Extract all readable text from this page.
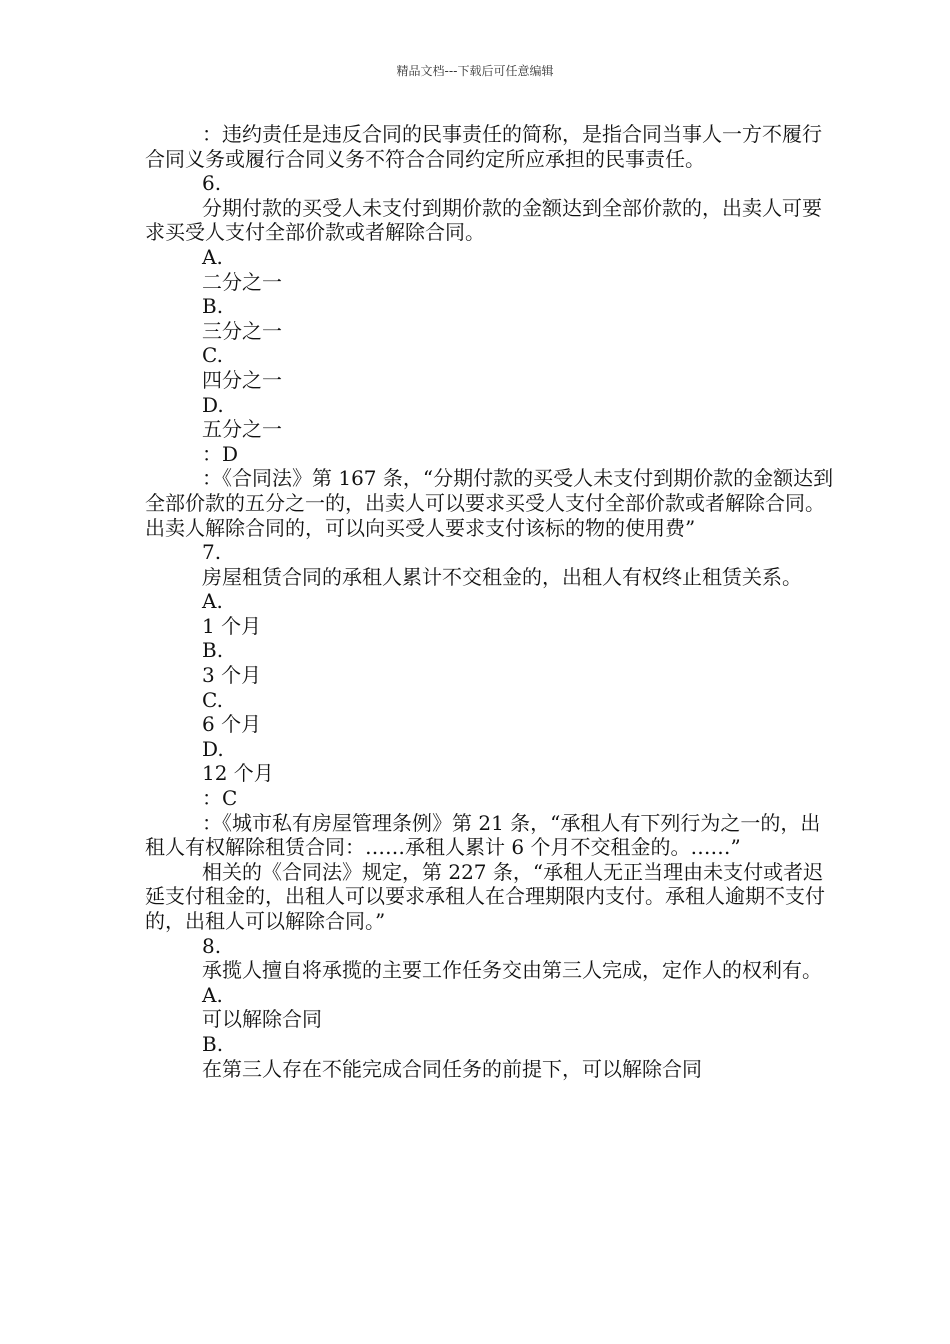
精品文档---下载后可任意编辑

：违约责任是违反合同的民事责任的简称，是指合同当事人一方不履行合同义务或履行合同义务不符合合同约定所应承担的民事责任。

6.

分期付款的买受人未支付到期价款的金额达到全部价款的，出卖人可要求买受人支付全部价款或者解除合同。

A.

二分之一

B.

三分之一

C.

四分之一

D.

五分之一

：D

：《合同法》第 167 条，“分期付款的买受人未支付到期价款的金额达到全部价款的五分之一的，出卖人可以要求买受人支付全部价款或者解除合同。出卖人解除合同的，可以向买受人要求支付该标的物的使用费”

7.

房屋租赁合同的承租人累计不交租金的，出租人有权终止租赁关系。

A.

1 个月

B.

3 个月

C.

6 个月

D.

12 个月

：C

：《城市私有房屋管理条例》第 21 条，“承租人有下列行为之一的，出租人有权解除租赁合同：……承租人累计 6 个月不交租金的。……”

相关的《合同法》规定，第 227 条，“承租人无正当理由未支付或者迟延支付租金的，出租人可以要求承租人在合理期限内支付。承租人逾期不支付的，出租人可以解除合同。”

8.

承揽人擅自将承揽的主要工作任务交由第三人完成，定作人的权利有。

A.

可以解除合同

B.

在第三人存在不能完成合同任务的前提下，可以解除合同
